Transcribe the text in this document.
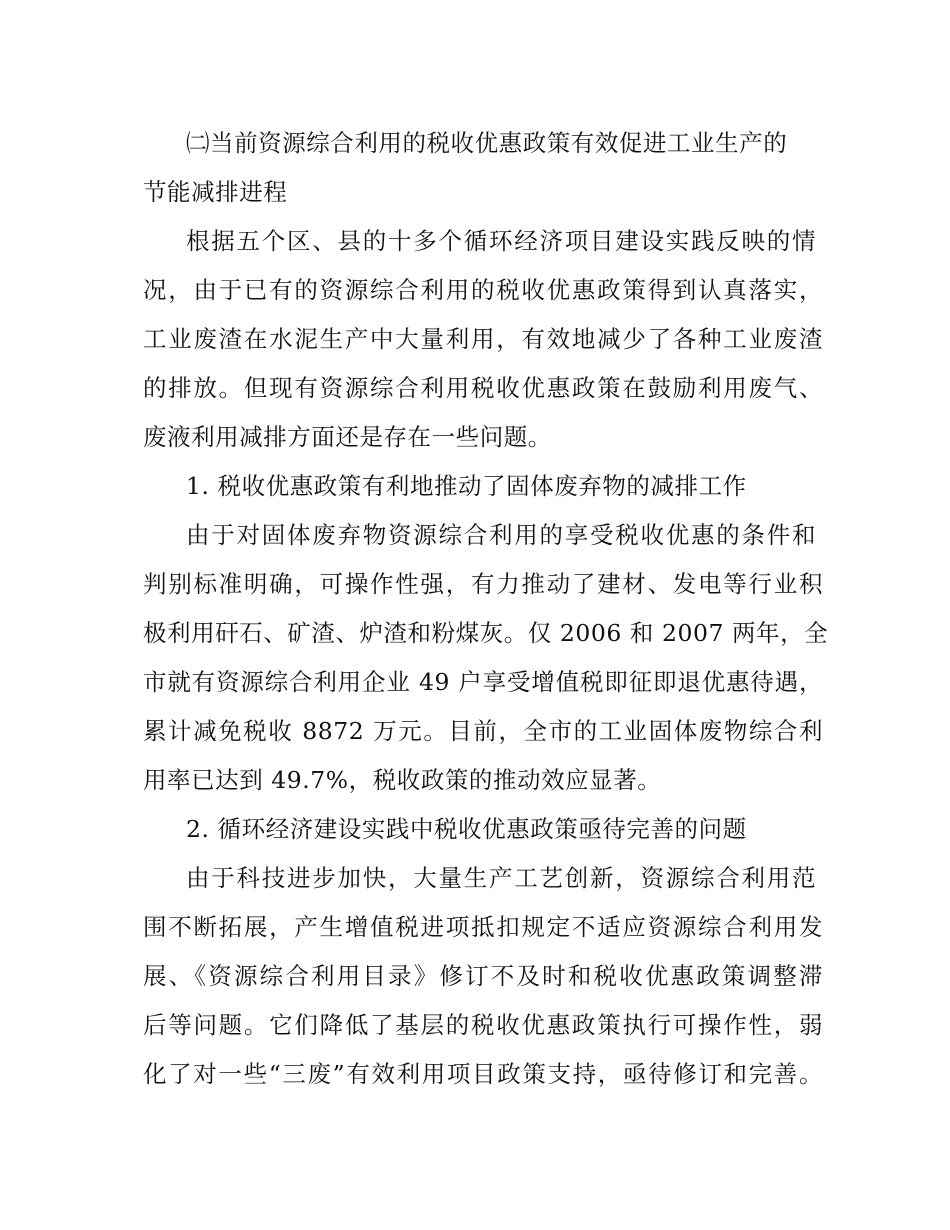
㈡当前资源综合利用的税收优惠政策有效促进工业生产的
节能减排进程
根据五个区、县的十多个循环经济项目建设实践反映的情
况，由于已有的资源综合利用的税收优惠政策得到认真落实，
工业废渣在水泥生产中大量利用，有效地减少了各种工业废渣
的排放。但现有资源综合利用税收优惠政策在鼓励利用废气、
废液利用减排方面还是存在一些问题。
1. 税收优惠政策有利地推动了固体废弃物的减排工作
由于对固体废弃物资源综合利用的享受税收优惠的条件和
判别标准明确，可操作性强，有力推动了建材、发电等行业积
极利用矸石、矿渣、炉渣和粉煤灰。仅 2006 和 2007 两年，全
市就有资源综合利用企业 49 户享受增值税即征即退优惠待遇，
累计减免税收 8872 万元。目前，全市的工业固体废物综合利
用率已达到 49.7%，税收政策的推动效应显著。
2. 循环经济建设实践中税收优惠政策亟待完善的问题
由于科技进步加快，大量生产工艺创新，资源综合利用范
围不断拓展，产生增值税进项抵扣规定不适应资源综合利用发
展、《资源综合利用目录》修订不及时和税收优惠政策调整滞
后等问题。它们降低了基层的税收优惠政策执行可操作性，弱
化了对一些“三废”有效利用项目政策支持，亟待修订和完善。
